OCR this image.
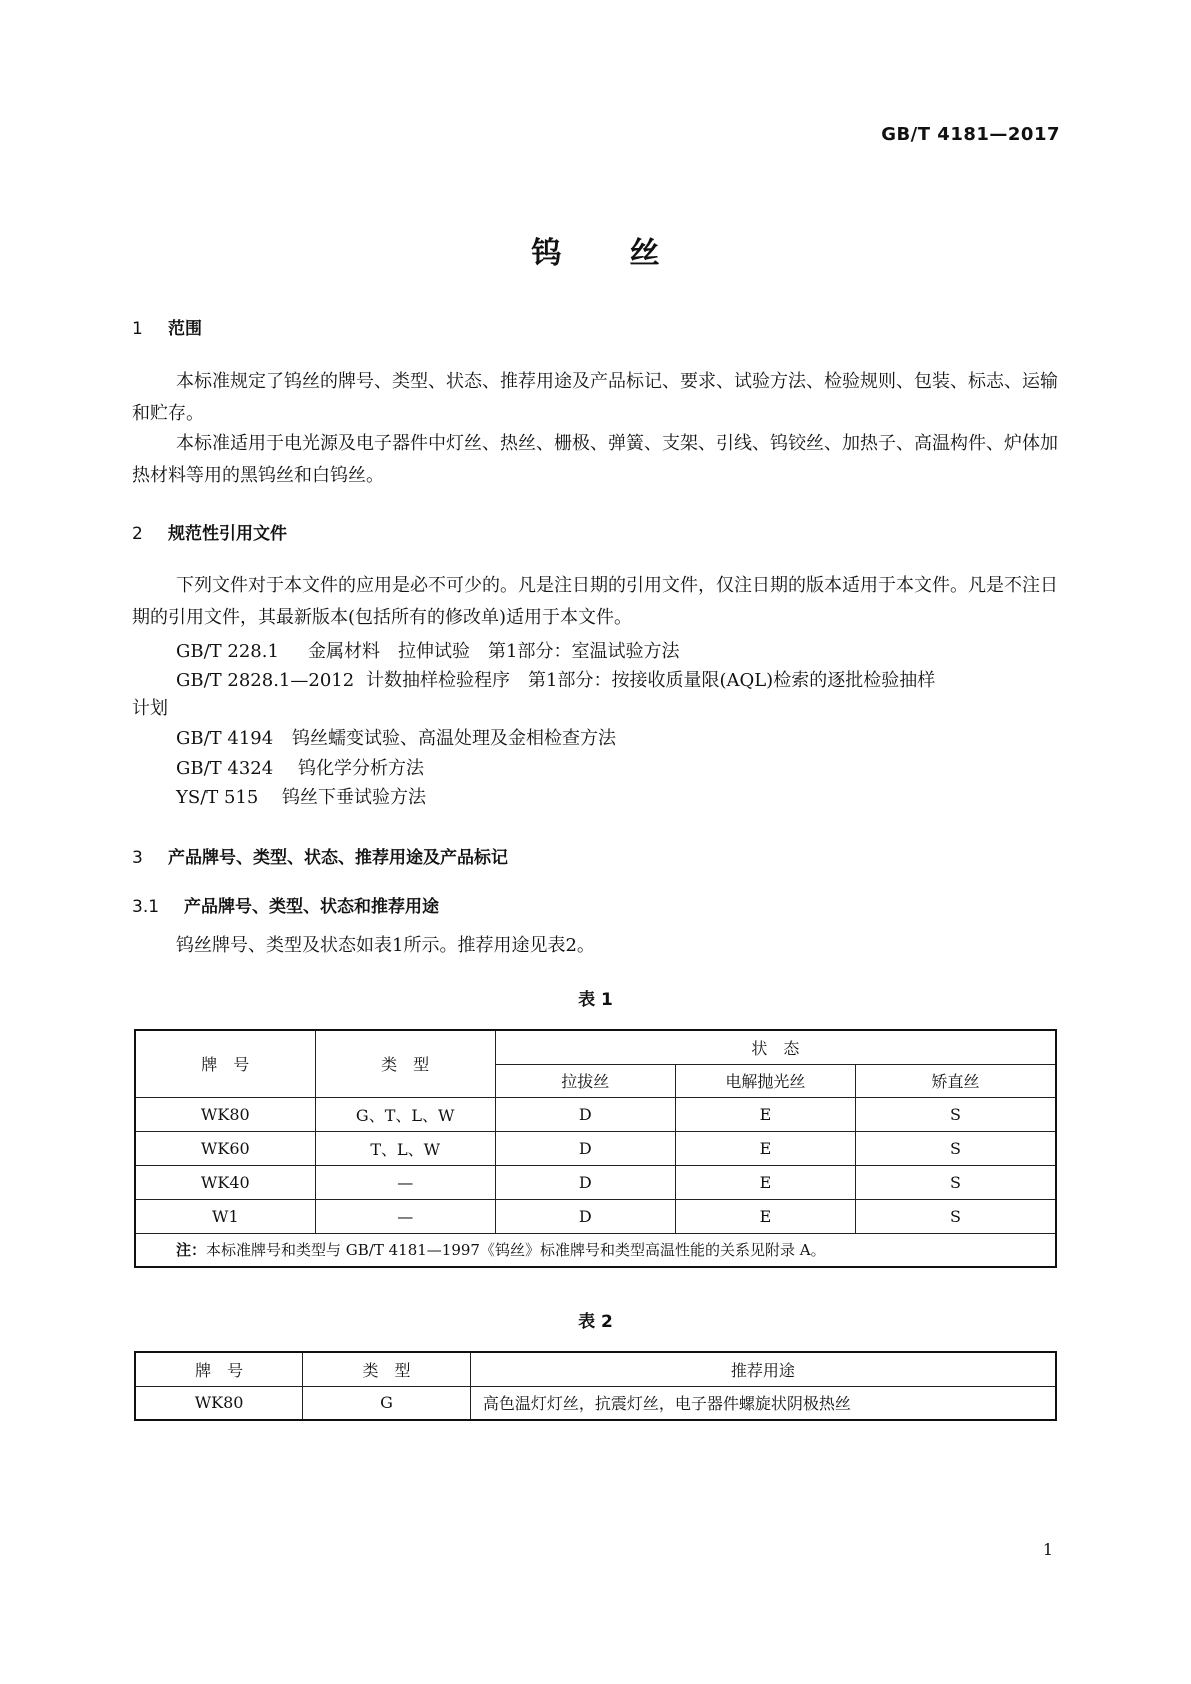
GB/T 4181—2017
钨丝
1 范围
本标准规定了钨丝的牌号、类型、状态、推荐用途及产品标记、要求、试验方法、检验规则、包装、标志、运输和贮存。
本标准适用于电光源及电子器件中灯丝、热丝、栅极、弹簧、支架、引线、钨铰丝、加热子、高温构件、炉体加热材料等用的黑钨丝和白钨丝。
2 规范性引用文件
下列文件对于本文件的应用是必不可少的。凡是注日期的引用文件，仅注日期的版本适用于本文件。凡是不注日期的引用文件，其最新版本(包括所有的修改单)适用于本文件。
GB/T 228.1 金属材料　拉伸试验　第1部分：室温试验方法
GB/T 2828.1—2012 计数抽样检验程序　第1部分：按接收质量限(AQL)检索的逐批检验抽样
计划
GB/T 4194 钨丝蠕变试验、高温处理及金相检查方法
GB/T 4324 钨化学分析方法
YS/T 515 钨丝下垂试验方法
3 产品牌号、类型、状态、推荐用途及产品标记
3.1 产品牌号、类型、状态和推荐用途
钨丝牌号、类型及状态如表1所示。推荐用途见表2。
表 1
牌　号	类　型	状　态		
		拉拔丝	电解抛光丝	矫直丝
WK80	G、T、L、W	D	E	S
WK60	T、L、W	D	E	S
WK40	—	D	E	S
W1	—	D	E	S
注：本标准牌号和类型与 GB/T 4181—1997《钨丝》标准牌号和类型高温性能的关系见附录 A。				
表 2
牌　号	类　型	推荐用途
WK80	G	高色温灯灯丝，抗震灯丝，电子器件螺旋状阴极热丝
1
